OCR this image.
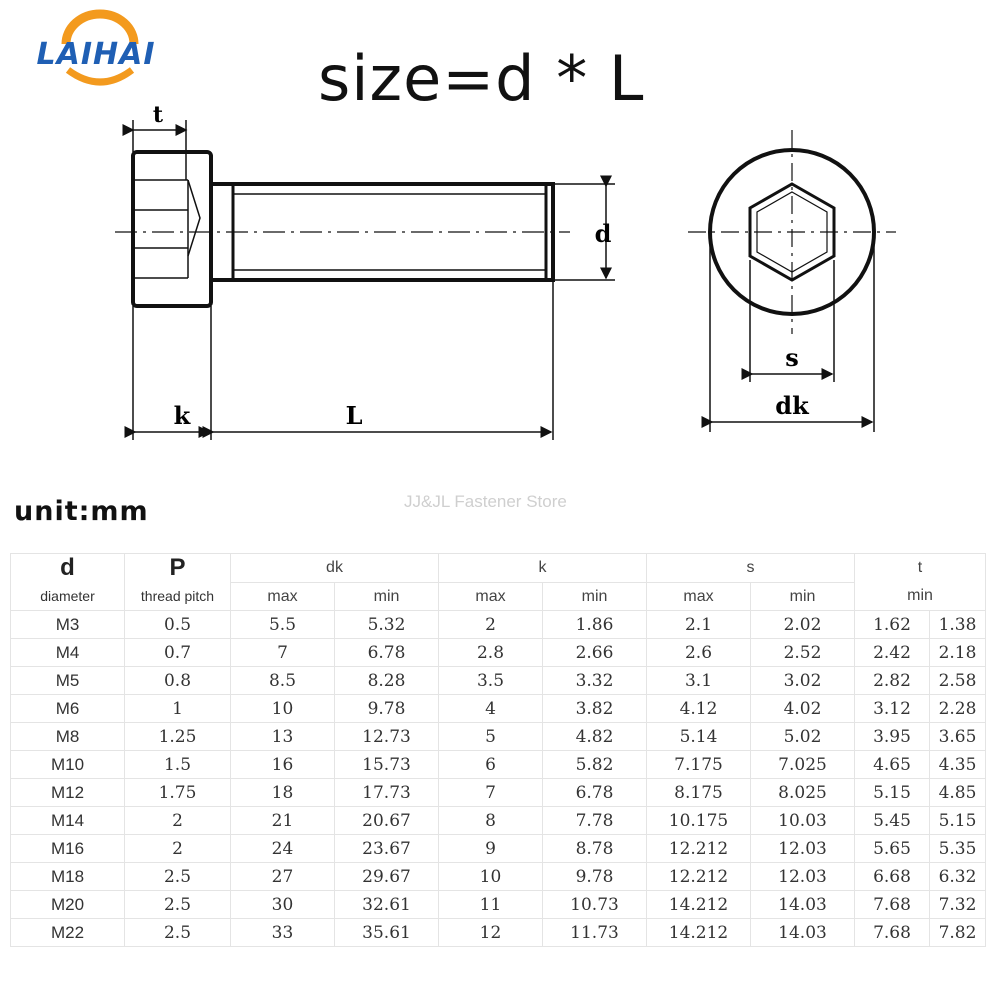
LAIHAI	size=d * L
t
d
k	L
s
dk
unit:mm	JJ&JL Fastener Store
d	P	dk		k		s		t	
diameter	thread pitch	max	min	max	min	max	min	min	
M3	0.5	5.5	5.32	2	1.86	2.1	2.02	1.62	1.38
M4	0.7	7	6.78	2.8	2.66	2.6	2.52	2.42	2.18
M5	0.8	8.5	8.28	3.5	3.32	3.1	3.02	2.82	2.58
M6	1	10	9.78	4	3.82	4.12	4.02	3.12	2.28
M8	1.25	13	12.73	5	4.82	5.14	5.02	3.95	3.65
M10	1.5	16	15.73	6	5.82	7.175	7.025	4.65	4.35
M12	1.75	18	17.73	7	6.78	8.175	8.025	5.15	4.85
M14	2	21	20.67	8	7.78	10.175	10.03	5.45	5.15
M16	2	24	23.67	9	8.78	12.212	12.03	5.65	5.35
M18	2.5	27	29.67	10	9.78	12.212	12.03	6.68	6.32
M20	2.5	30	32.61	11	10.73	14.212	14.03	7.68	7.32
M22	2.5	33	35.61	12	11.73	14.212	14.03	7.68	7.82
